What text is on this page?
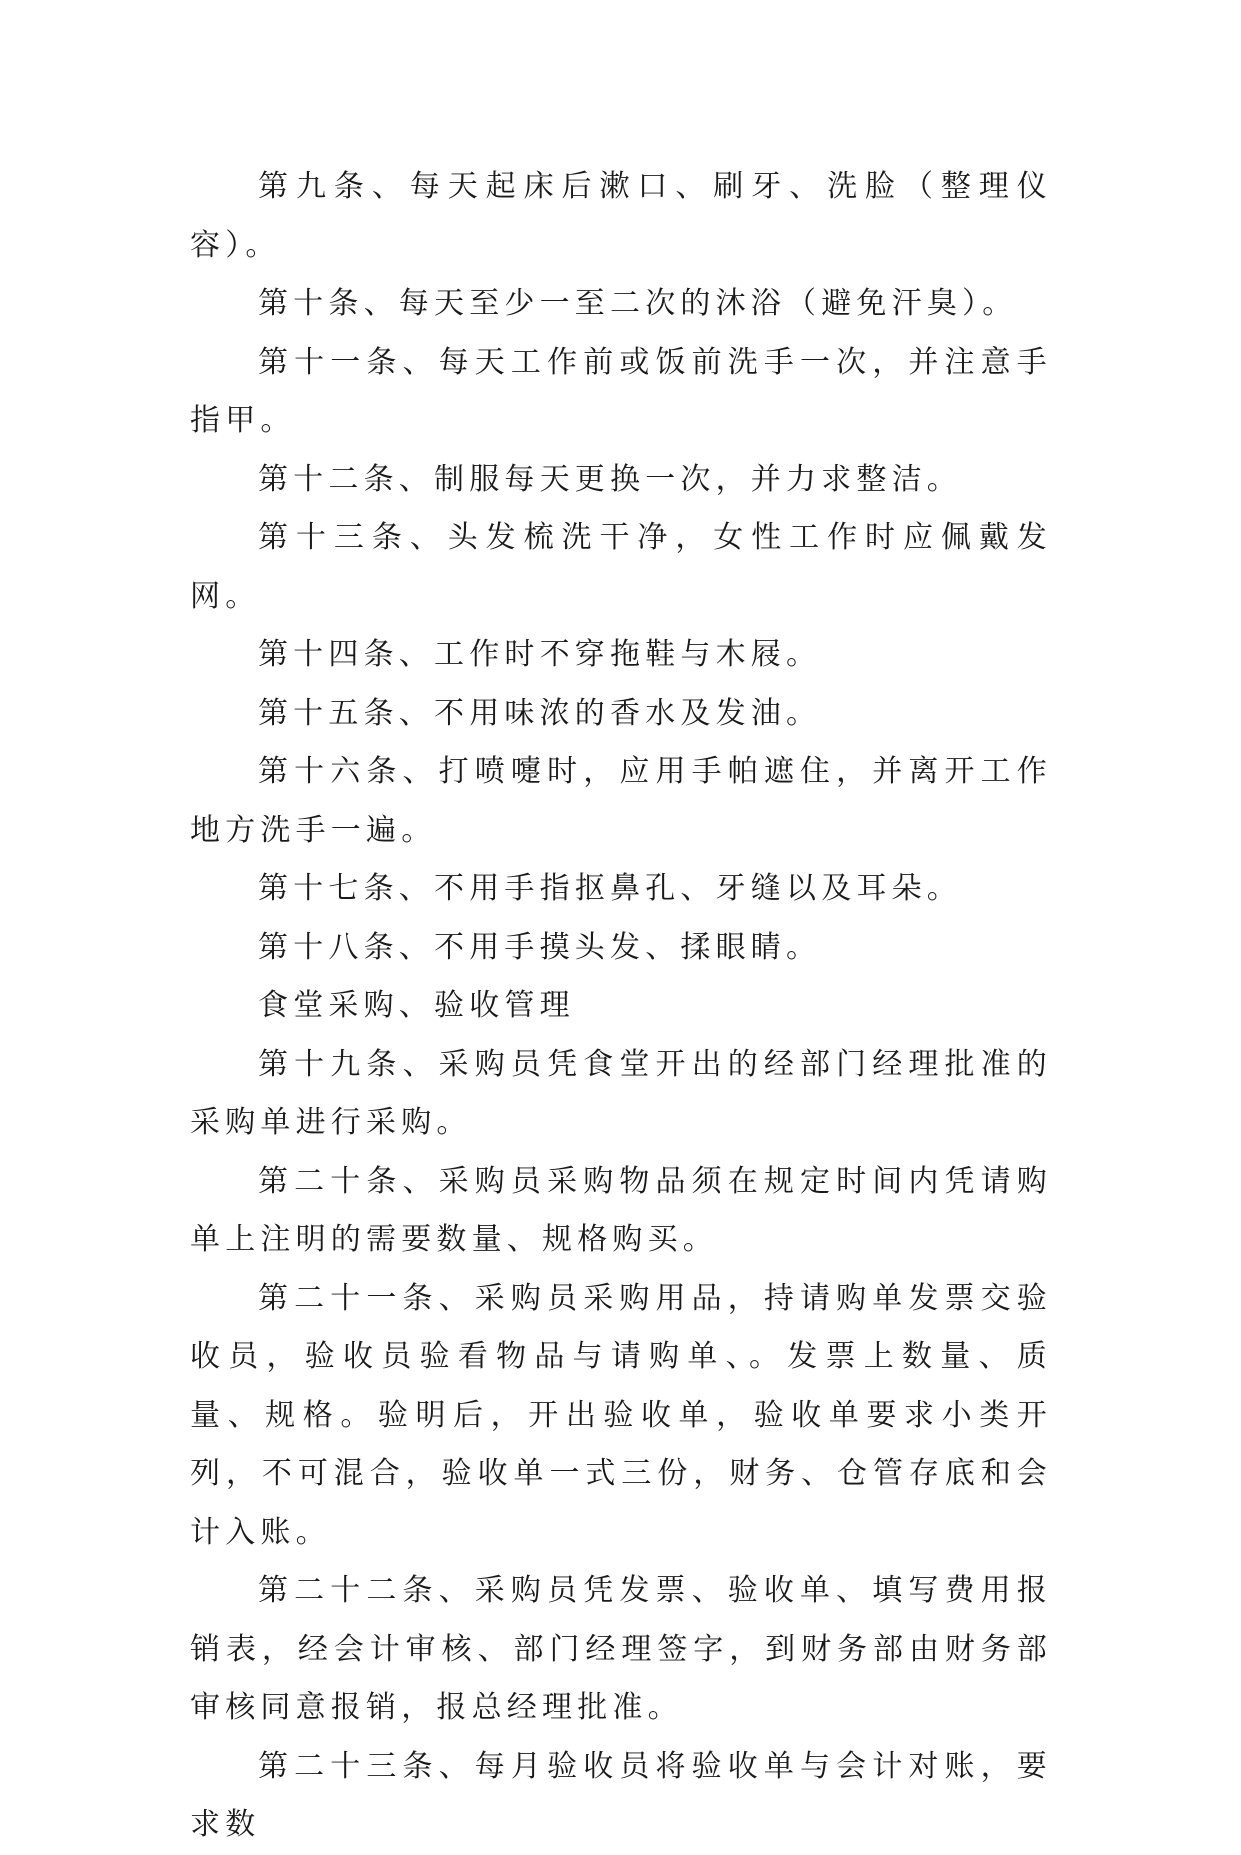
第九条、每天起床后漱口、刷牙、洗脸（整理仪容）。

第十条、每天至少一至二次的沐浴（避免汗臭）。

第十一条、每天工作前或饭前洗手一次，并注意手指甲。

第十二条、制服每天更换一次，并力求整洁。

第十三条、头发梳洗干净，女性工作时应佩戴发网。

第十四条、工作时不穿拖鞋与木屐。

第十五条、不用味浓的香水及发油。

第十六条、打喷嚏时，应用手帕遮住，并离开工作地方洗手一遍。

第十七条、不用手指抠鼻孔、牙缝以及耳朵。

第十八条、不用手摸头发、揉眼睛。

食堂采购、验收管理

第十九条、采购员凭食堂开出的经部门经理批准的采购单进行采购。

第二十条、采购员采购物品须在规定时间内凭请购单上注明的需要数量、规格购买。

第二十一条、采购员采购用品，持请购单发票交验收员，验收员验看物品与请购单、。发票上数量、质量、规格。验明后，开出验收单，验收单要求小类开列，不可混合，验收单一式三份，财务、仓管存底和会计入账。

第二十二条、采购员凭发票、验收单、填写费用报销表，经会计审核、部门经理签字，到财务部由财务部审核同意报销，报总经理批准。

第二十三条、每月验收员将验收单与会计对账，要求数
